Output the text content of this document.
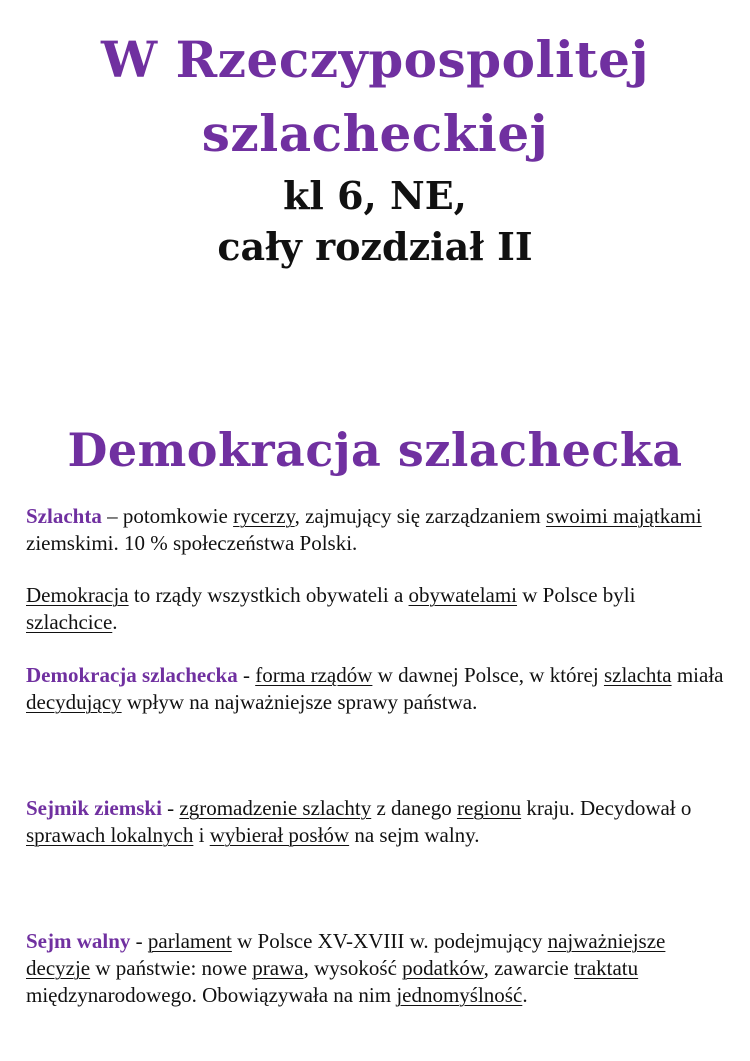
W Rzeczypospolitej
szlacheckiej
kl 6, NE,
cały rozdział II
Demokracja szlachecka

Szlachta – potomkowie rycerzy, zajmujący się zarządzaniem swoimi majątkami ziemskimi. 10 % społeczeństwa Polski.

Demokracja to rządy wszystkich obywateli a obywatelami w Polsce byli szlachcice.

Demokracja szlachecka - forma rządów w dawnej Polsce, w której szlachta miała decydujący wpływ na najważniejsze sprawy państwa.

Sejmik ziemski - zgromadzenie szlachty z danego regionu kraju. Decydował o sprawach lokalnych i wybierał posłów na sejm walny.

Sejm walny - parlament w Polsce XV-XVIII w. podejmujący najważniejsze decyzje w państwie: nowe prawa, wysokość podatków, zawarcie traktatu międzynarodowego. Obowiązywała na nim jednomyślność.
